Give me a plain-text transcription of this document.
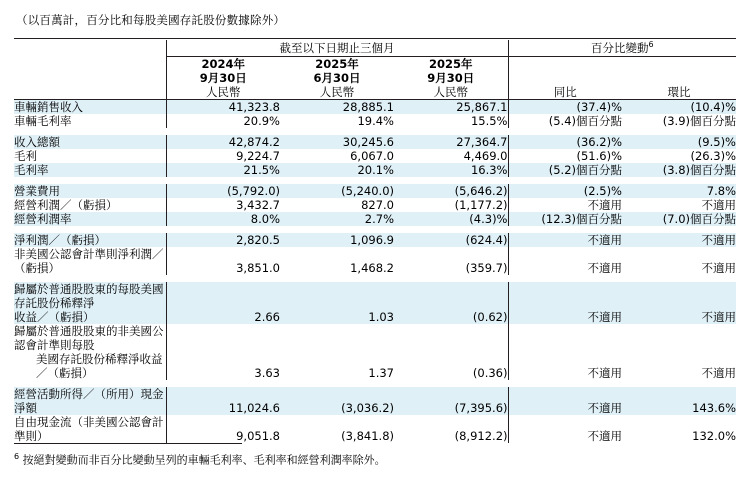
（以百萬計，百分比和每股美國存託股份數據除外）

	截至以下日期止三個月			百分比變動$^6$
	2024年
9月30日
人民幣	2025年
6月30日
人民幣	2025年
9月30日
人民幣	同比	環比

車輛銷售收入	41,323.8	28,885.1	25,867.1	(37.4)%	(10.4)%
車輛毛利率	20.9%	19.4%	15.5%	(5.4)個百分點	(3.9)個百分點

收入總額	42,874.2	30,245.6	27,364.7	(36.2)%	(9.5)%
毛利	9,224.7	6,067.0	4,469.0	(51.6)%	(26.3)%
毛利率	21.5%	20.1%	16.3%	(5.2)個百分點	(3.8)個百分點

營業費用	(5,792.0)	(5,240.0)	(5,646.2)	(2.5)%	7.8%
經營利潤／（虧損）	3,432.7	827.0	(1,177.2)	不適用	不適用
經營利潤率	8.0%	2.7%	(4.3)%	(12.3)個百分點	(7.0)個百分點

淨利潤／（虧損）	2,820.5	1,096.9	(624.4)	不適用	不適用
非美國公認會計準則淨利潤／（虧損）	3,851.0	1,468.2	(359.7)	不適用	不適用

歸屬於普通股股東的每股美國存託股份稀釋淨
收益／（虧損）	2.66	1.03	(0.62)	不適用	不適用

歸屬於普通股股東的非美國公認會計準則每股
美國存託股份稀釋淨收益／（虧損）	3.63	1.37	(0.36)	不適用	不適用

經營活動所得／（所用）現金淨額	11,024.6	(3,036.2)	(7,395.6)	不適用	143.6%
自由現金流（非美國公認會計準則）	9,051.8	(3,841.8)	(8,912.2)	不適用	132.0%
$^6$ 按絕對變動而非百分比變動呈列的車輛毛利率、毛利率和經營利潤率除外。
